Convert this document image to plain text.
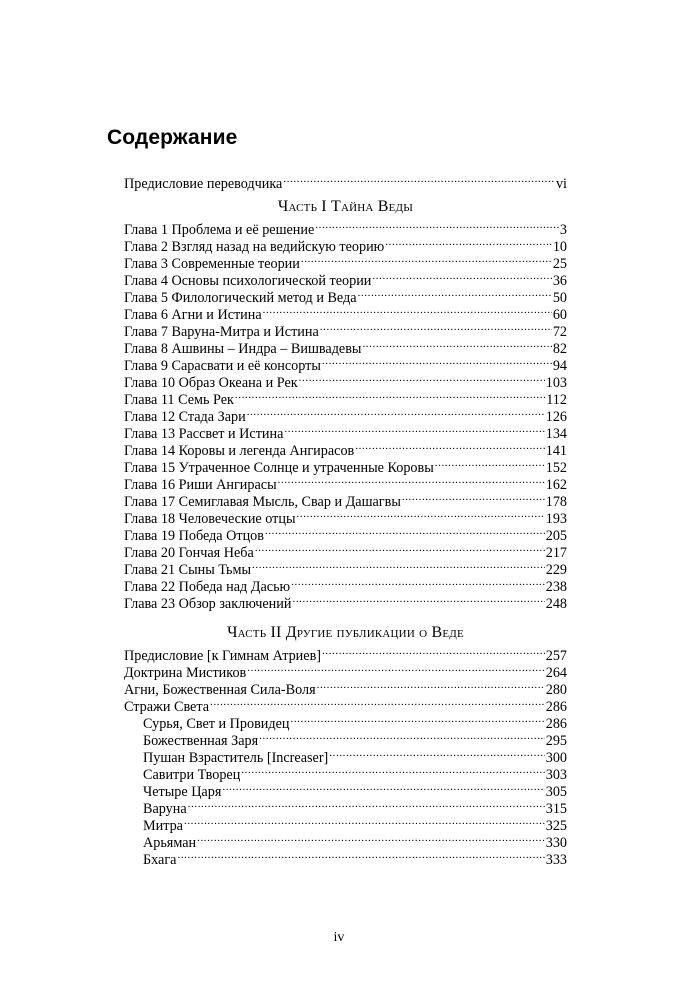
Содержание
Предисловие переводчика .....	vi
Часть I Тайна Веды
Глава 1 Проблема и её решение .....	3
Глава 2 Взгляд назад на ведийскую теорию .....	10
Глава 3 Современные теории .....	25
Глава 4 Основы психологической теории .....	36
Глава 5 Филологический метод и Веда .....	50
Глава 6 Агни и Истина .....	60
Глава 7 Варуна-Митра и Истина .....	72
Глава 8 Ашвины – Индра – Вишвадевы .....	82
Глава 9 Сарасвати и её консорты .....	94
Глава 10 Образ Океана и Рек .....	103
Глава 11 Семь Рек .....	112
Глава 12 Стада Зари .....	126
Глава 13 Рассвет и Истина .....	134
Глава 14 Коровы и легенда Ангирасов .....	141
Глава 15 Утраченное Солнце и утраченные Коровы .....	152
Глава 16 Риши Ангирасы .....	162
Глава 17 Семиглавая Мысль, Свар и Дашагвы .....	178
Глава 18 Человеческие отцы .....	193
Глава 19 Победа Отцов .....	205
Глава 20 Гончая Неба .....	217
Глава 21 Сыны Тьмы .....	229
Глава 22 Победа над Дасью .....	238
Глава 23 Обзор заключений .....	248
Часть II Другие публикации о Веде
Предисловие [к Гимнам Атриев] .....	257
Доктрина Мистиков .....	264
Агни, Божественная Сила-Воля .....	280
Стражи Света .....	286
Сурья, Свет и Провидец .....	286
Божественная Заря .....	295
Пушан Взраститель [Increaser] .....	300
Савитри Творец .....	303
Четыре Царя .....	305
Варуна .....	315
Митра .....	325
Арьяман .....	330
Бхага .....	333
iv
